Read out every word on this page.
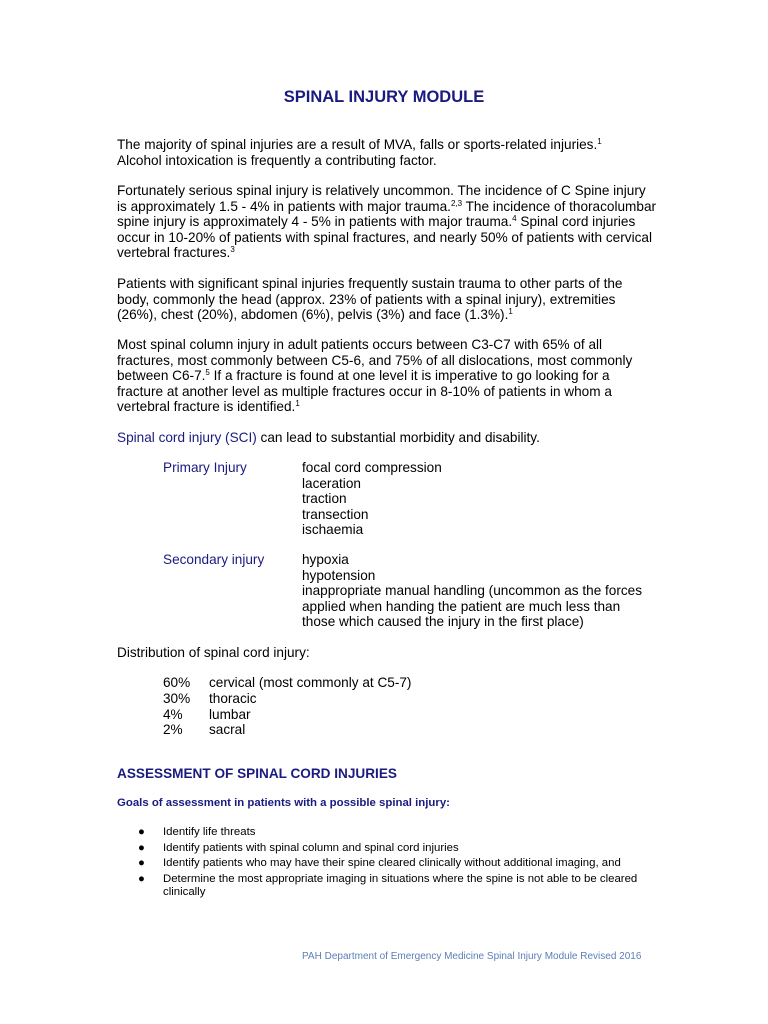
SPINAL INJURY MODULE

The majority of spinal injuries are a result of MVA, falls or sports-related injuries.$^1$
Alcohol intoxication is frequently a contributing factor.

Fortunately serious spinal injury is relatively uncommon. The incidence of C Spine injury is approximately 1.5 - 4% in patients with major trauma.$^{2,3}$ The incidence of thoracolumbar spine injury is approximately 4 - 5% in patients with major trauma.$^4$ Spinal cord injuries occur in 10-20% of patients with spinal fractures, and nearly 50% of patients with cervical vertebral fractures.$^3$

Patients with significant spinal injuries frequently sustain trauma to other parts of the body, commonly the head (approx. 23% of patients with a spinal injury), extremities (26%), chest (20%), abdomen (6%), pelvis (3%) and face (1.3%).$^1$

Most spinal column injury in adult patients occurs between C3-C7 with 65% of all fractures, most commonly between C5-6, and 75% of all dislocations, most commonly between C6-7.$^5$ If a fracture is found at one level it is imperative to go looking for a fracture at another level as multiple fractures occur in 8-10% of patients in whom a vertebral fracture is identified.$^1$

Spinal cord injury (SCI) can lead to substantial morbidity and disability.

Primary Injury	focal cord compression
laceration
traction
transection
ischaemia

Secondary injury	hypoxia
hypotension
inappropriate manual handling (uncommon as the forces applied when handing the patient are much less than those which caused the injury in the first place)

Distribution of spinal cord injury:

60% cervical (most commonly at C5-7)
30% thoracic
4% lumbar
2% sacral
ASSESSMENT OF SPINAL CORD INJURIES
Goals of assessment in patients with a possible spinal injury:
● Identify life threats
● Identify patients with spinal column and spinal cord injuries
● Identify patients who may have their spine cleared clinically without additional imaging, and
● Determine the most appropriate imaging in situations where the spine is not able to be cleared clinically

PAH Department of Emergency Medicine Spinal Injury Module Revised 2016
